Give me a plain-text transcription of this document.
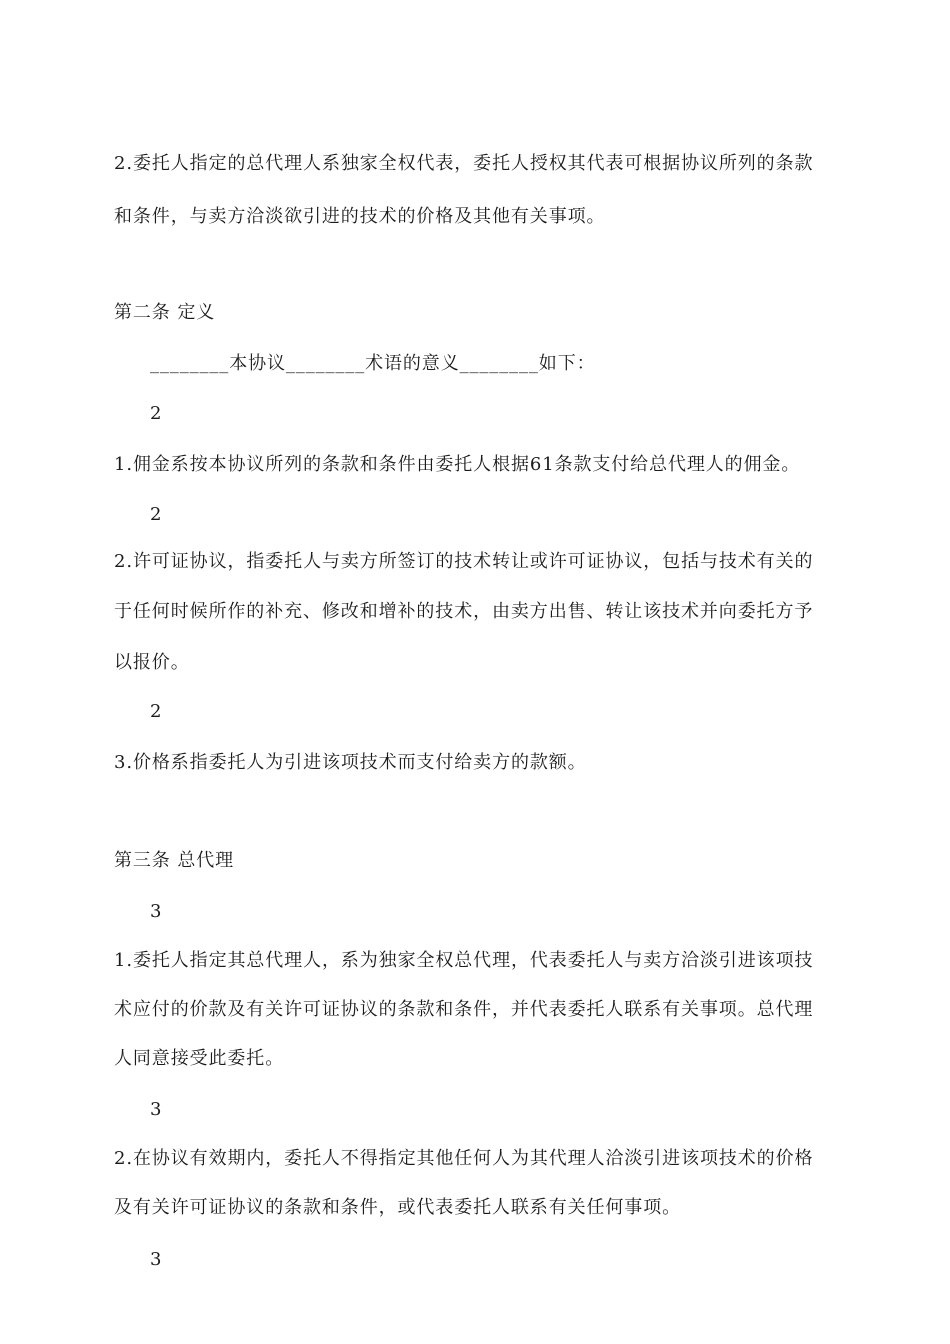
2.委托人指定的总代理人系独家全权代表，委托人授权其代表可根据协议所列的条款
和条件，与卖方洽淡欲引进的技术的价格及其他有关事项。
第二条 定义
________本协议________术语的意义________如下：
2
1.佣金系按本协议所列的条款和条件由委托人根据61条款支付给总代理人的佣金。
2
2.许可证协议，指委托人与卖方所签订的技术转让或许可证协议，包括与技术有关的
于任何时候所作的补充、修改和增补的技术，由卖方出售、转让该技术并向委托方予
以报价。
2
3.价格系指委托人为引进该项技术而支付给卖方的款额。
第三条 总代理
3
1.委托人指定其总代理人，系为独家全权总代理，代表委托人与卖方洽淡引进该项技
术应付的价款及有关许可证协议的条款和条件，并代表委托人联系有关事项。总代理
人同意接受此委托。
3
2.在协议有效期内，委托人不得指定其他任何人为其代理人洽淡引进该项技术的价格
及有关许可证协议的条款和条件，或代表委托人联系有关任何事项。
3
